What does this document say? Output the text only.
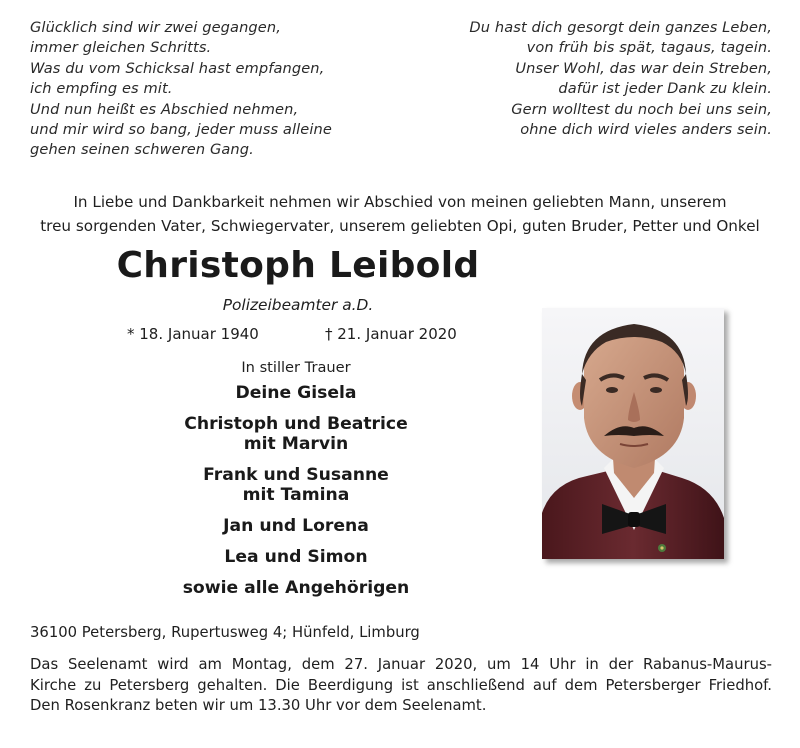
Glücklich sind wir zwei gegangen,
immer gleichen Schritts.
Was du vom Schicksal hast empfangen,
ich empfing es mit.
Und nun heißt es Abschied nehmen,
und mir wird so bang, jeder muss alleine
gehen seinen schweren Gang.
Du hast dich gesorgt dein ganzes Leben,
von früh bis spät, tagaus, tagein.
Unser Wohl, das war dein Streben,
dafür ist jeder Dank zu klein.
Gern wolltest du noch bei uns sein,
ohne dich wird vieles anders sein.
In Liebe und Dankbarkeit nehmen wir Abschied von meinen geliebten Mann, unserem
treu sorgenden Vater, Schwiegervater, unserem geliebten Opi, guten Bruder, Petter und Onkel
Christoph Leibold
Polizeibeamter a.D.
* 18. Januar 1940	† 21. Januar 2020
In stiller Trauer
Deine Gisela
Christoph und Beatrice
mit Marvin
Frank und Susanne
mit Tamina
Jan und Lorena
Lea und Simon
sowie alle Angehörigen
36100 Petersberg, Rupertusweg 4; Hünfeld, Limburg
Das Seelenamt wird am Montag, dem 27. Januar 2020, um 14 Uhr in der Rabanus-Maurus-
Kirche zu Petersberg gehalten. Die Beerdigung ist anschließend auf dem Petersberger Friedhof.
Den Rosenkranz beten wir um 13.30 Uhr vor dem Seelenamt.
